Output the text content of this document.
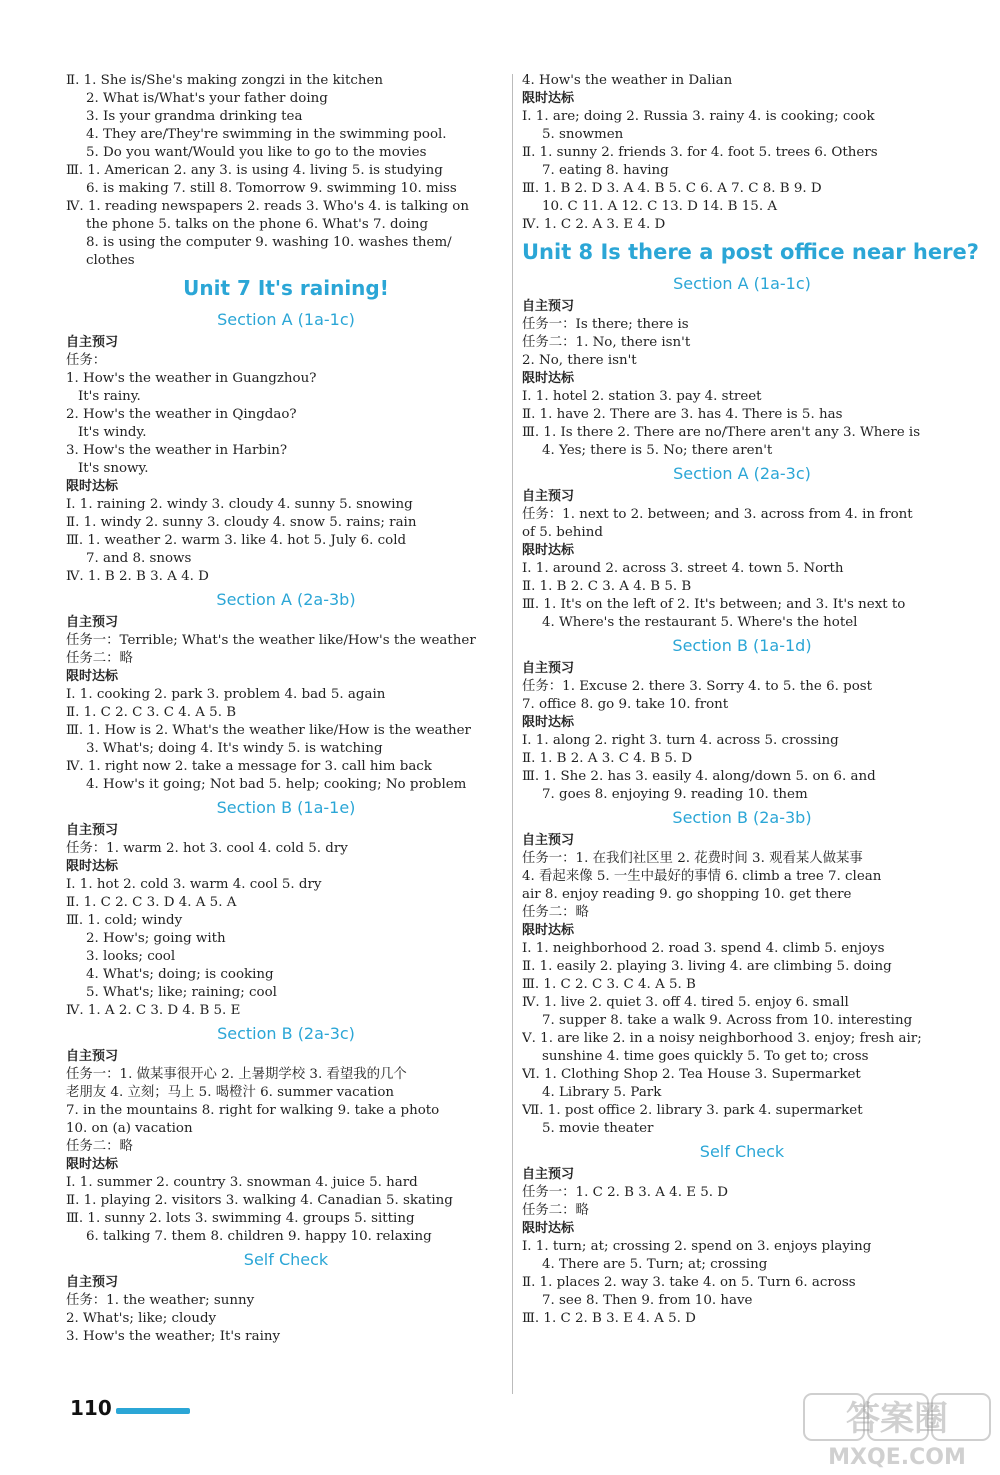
Ⅱ. 1. She is/She's making zongzi in the kitchen
2. What is/What's your father doing
3. Is your grandma drinking tea
4. They are/They're swimming in the swimming pool.
5. Do you want/Would you like to go to the movies
Ⅲ. 1. American 2. any 3. is using 4. living 5. is studying
6. is making 7. still 8. Tomorrow 9. swimming 10. miss
Ⅳ. 1. reading newspapers 2. reads 3. Who's 4. is talking on
the phone 5. talks on the phone 6. What's 7. doing
8. is using the computer 9. washing 10. washes them/
clothes
Unit 7 It's raining!
Section A (1a-1c)
自主预习
任务：
1. How's the weather in Guangzhou?
It's rainy.
2. How's the weather in Qingdao?
It's windy.
3. How's the weather in Harbin?
It's snowy.
限时达标
Ⅰ. 1. raining 2. windy 3. cloudy 4. sunny 5. snowing
Ⅱ. 1. windy 2. sunny 3. cloudy 4. snow 5. rains; rain
Ⅲ. 1. weather 2. warm 3. like 4. hot 5. July 6. cold
7. and 8. snows
Ⅳ. 1. B 2. B 3. A 4. D
Section A (2a-3b)
自主预习
任务一：Terrible; What's the weather like/How's the weather
任务二：略
限时达标
Ⅰ. 1. cooking 2. park 3. problem 4. bad 5. again
Ⅱ. 1. C 2. C 3. C 4. A 5. B
Ⅲ. 1. How is 2. What's the weather like/How is the weather
3. What's; doing 4. It's windy 5. is watching
Ⅳ. 1. right now 2. take a message for 3. call him back
4. How's it going; Not bad 5. help; cooking; No problem
Section B (1a-1e)
自主预习
任务：1. warm 2. hot 3. cool 4. cold 5. dry
限时达标
Ⅰ. 1. hot 2. cold 3. warm 4. cool 5. dry
Ⅱ. 1. C 2. C 3. D 4. A 5. A
Ⅲ. 1. cold; windy
2. How's; going with
3. looks; cool
4. What's; doing; is cooking
5. What's; like; raining; cool
Ⅳ. 1. A 2. C 3. D 4. B 5. E
Section B (2a-3c)
自主预习
任务一：1. 做某事很开心 2. 上暑期学校 3. 看望我的几个
老朋友 4. 立刻；马上 5. 喝橙汁 6. summer vacation
7. in the mountains 8. right for walking 9. take a photo
10. on (a) vacation
任务二：略
限时达标
Ⅰ. 1. summer 2. country 3. snowman 4. juice 5. hard
Ⅱ. 1. playing 2. visitors 3. walking 4. Canadian 5. skating
Ⅲ. 1. sunny 2. lots 3. swimming 4. groups 5. sitting
6. talking 7. them 8. children 9. happy 10. relaxing
Self Check
自主预习
任务：1. the weather; sunny
2. What's; like; cloudy
3. How's the weather; It's rainy
4. How's the weather in Dalian
限时达标
Ⅰ. 1. are; doing 2. Russia 3. rainy 4. is cooking; cook
5. snowmen
Ⅱ. 1. sunny 2. friends 3. for 4. foot 5. trees 6. Others
7. eating 8. having
Ⅲ. 1. B 2. D 3. A 4. B 5. C 6. A 7. C 8. B 9. D
10. C 11. A 12. C 13. D 14. B 15. A
Ⅳ. 1. C 2. A 3. E 4. D
Unit 8 Is there a post office near here?
Section A (1a-1c)
自主预习
任务一：Is there; there is
任务二：1. No, there isn't
2. No, there isn't
限时达标
Ⅰ. 1. hotel 2. station 3. pay 4. street
Ⅱ. 1. have 2. There are 3. has 4. There is 5. has
Ⅲ. 1. Is there 2. There are no/There aren't any 3. Where is
4. Yes; there is 5. No; there aren't
Section A (2a-3c)
自主预习
任务：1. next to 2. between; and 3. across from 4. in front
of 5. behind
限时达标
Ⅰ. 1. around 2. across 3. street 4. town 5. North
Ⅱ. 1. B 2. C 3. A 4. B 5. B
Ⅲ. 1. It's on the left of 2. It's between; and 3. It's next to
4. Where's the restaurant 5. Where's the hotel
Section B (1a-1d)
自主预习
任务：1. Excuse 2. there 3. Sorry 4. to 5. the 6. post
7. office 8. go 9. take 10. front
限时达标
Ⅰ. 1. along 2. right 3. turn 4. across 5. crossing
Ⅱ. 1. B 2. A 3. C 4. B 5. D
Ⅲ. 1. She 2. has 3. easily 4. along/down 5. on 6. and
7. goes 8. enjoying 9. reading 10. them
Section B (2a-3b)
自主预习
任务一：1. 在我们社区里 2. 花费时间 3. 观看某人做某事
4. 看起来像 5. 一生中最好的事情 6. climb a tree 7. clean
air 8. enjoy reading 9. go shopping 10. get there
任务二：略
限时达标
Ⅰ. 1. neighborhood 2. road 3. spend 4. climb 5. enjoys
Ⅱ. 1. easily 2. playing 3. living 4. are climbing 5. doing
Ⅲ. 1. C 2. C 3. C 4. A 5. B
Ⅳ. 1. live 2. quiet 3. off 4. tired 5. enjoy 6. small
7. supper 8. take a walk 9. Across from 10. interesting
Ⅴ. 1. are like 2. in a noisy neighborhood 3. enjoy; fresh air;
sunshine 4. time goes quickly 5. To get to; cross
Ⅵ. 1. Clothing Shop 2. Tea House 3. Supermarket
4. Library 5. Park
Ⅶ. 1. post office 2. library 3. park 4. supermarket
5. movie theater
Self Check
自主预习
任务一：1. C 2. B 3. A 4. E 5. D
任务二：略
限时达标
Ⅰ. 1. turn; at; crossing 2. spend on 3. enjoys playing
4. There are 5. Turn; at; crossing
Ⅱ. 1. places 2. way 3. take 4. on 5. Turn 6. across
7. see 8. Then 9. from 10. have
Ⅲ. 1. C 2. B 3. E 4. A 5. D
110	答案圈
MXQE.COM
